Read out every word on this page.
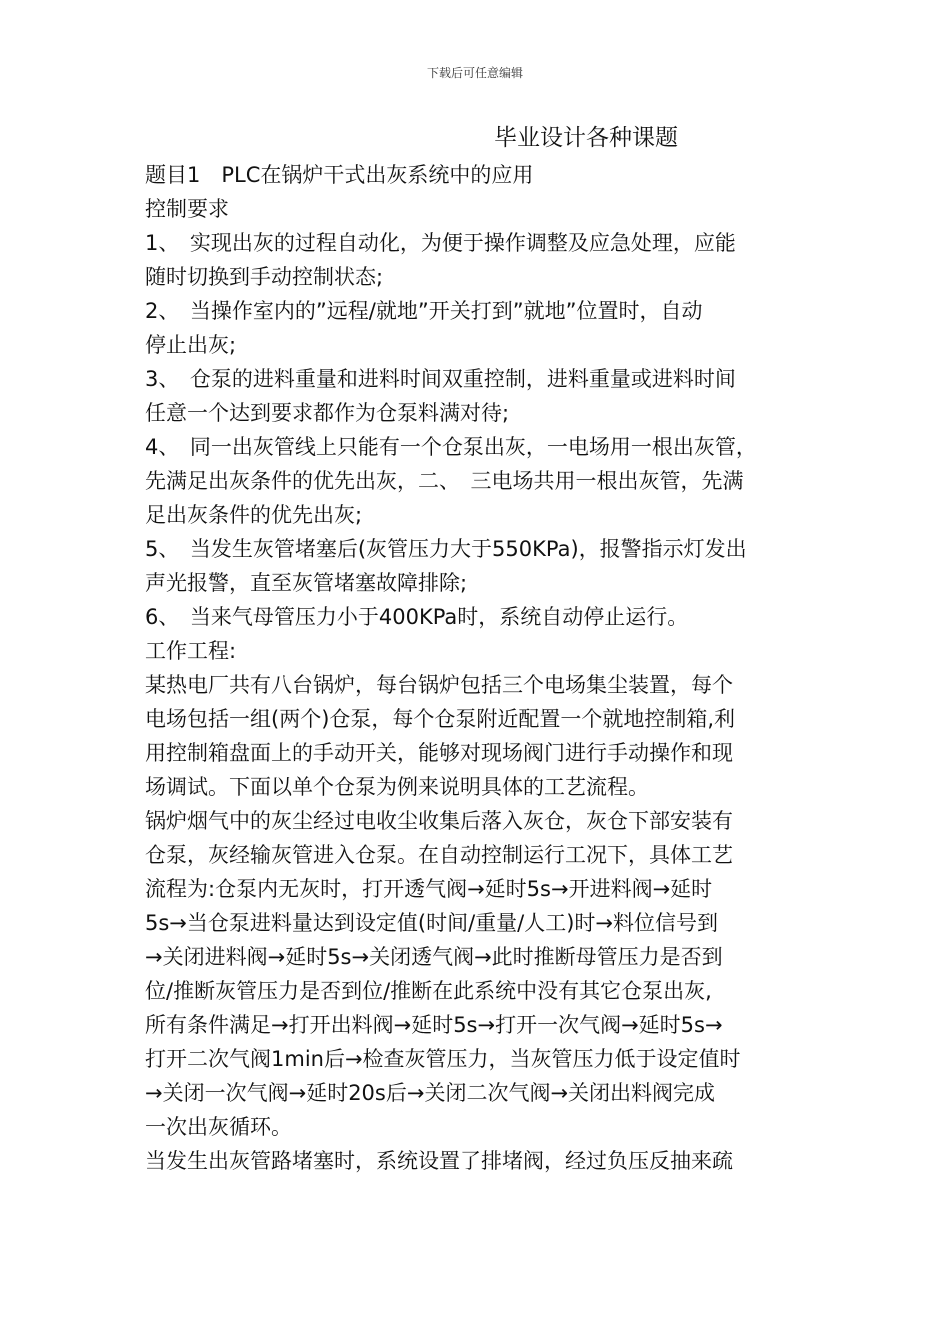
下载后可任意编辑
毕业设计各种课题
题目1　PLC在锅炉干式出灰系统中的应用
控制要求
1、　实现出灰的过程自动化，为便于操作调整及应急处理，应能
随时切换到手动控制状态;
2、　当操作室内的”远程/就地”开关打到”就地”位置时，自动
停止出灰;
3、　仓泵的进料重量和进料时间双重控制，进料重量或进料时间
任意一个达到要求都作为仓泵料满对待;
4、　同一出灰管线上只能有一个仓泵出灰，一电场用一根出灰管，
先满足出灰条件的优先出灰，二、　三电场共用一根出灰管，先满
足出灰条件的优先出灰;
5、　当发生灰管堵塞后(灰管压力大于550KPa)，报警指示灯发出
声光报警，直至灰管堵塞故障排除;
6、　当来气母管压力小于400KPa时，系统自动停止运行。
工作工程:
某热电厂共有八台锅炉，每台锅炉包括三个电场集尘装置，每个
电场包括一组(两个)仓泵，每个仓泵附近配置一个就地控制箱,利
用控制箱盘面上的手动开关，能够对现场阀门进行手动操作和现
场调试。下面以单个仓泵为例来说明具体的工艺流程。
锅炉烟气中的灰尘经过电收尘收集后落入灰仓，灰仓下部安装有
仓泵，灰经输灰管进入仓泵。在自动控制运行工况下，具体工艺
流程为:仓泵内无灰时，打开透气阀→延时5s→开进料阀→延时
5s→当仓泵进料量达到设定值(时间/重量/人工)时→料位信号到
→关闭进料阀→延时5s→关闭透气阀→此时推断母管压力是否到
位/推断灰管压力是否到位/推断在此系统中没有其它仓泵出灰,
所有条件满足→打开出料阀→延时5s→打开一次气阀→延时5s→
打开二次气阀1min后→检查灰管压力，当灰管压力低于设定值时
→关闭一次气阀→延时20s后→关闭二次气阀→关闭出料阀完成
一次出灰循环。
当发生出灰管路堵塞时，系统设置了排堵阀，经过负压反抽来疏
